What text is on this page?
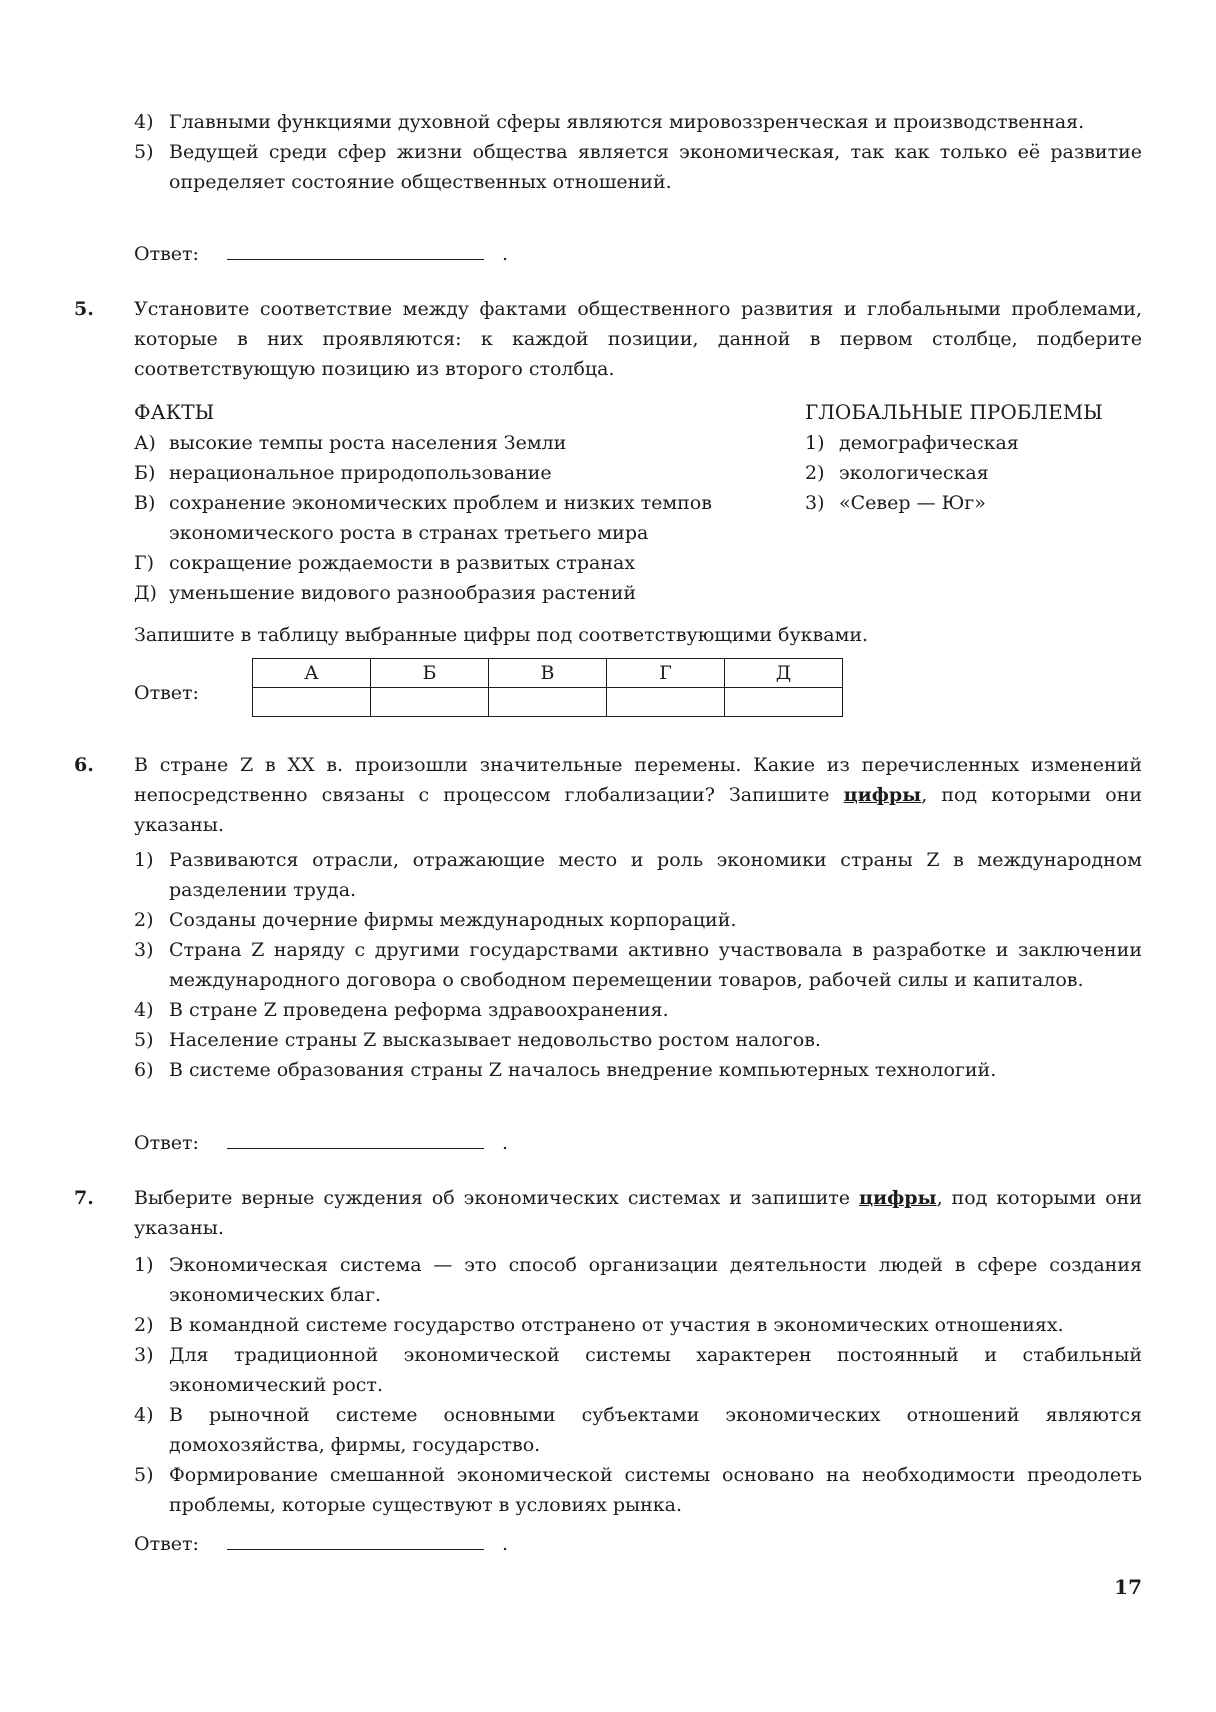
4) Главными функциями духовной сферы являются мировоззренческая и производственная.
5) Ведущей среди сфер жизни общества является экономическая, так как только её развитие определяет состояние общественных отношений.
Ответ:	.
5. Установите соответствие между фактами общественного развития и глобальными проблемами, которые в них проявляются: к каждой позиции, данной в первом столбце, подберите соответствующую позицию из второго столбца.
ФАКТЫ	ГЛОБАЛЬНЫЕ ПРОБЛЕМЫ
А) высокие темпы роста населения Земли
Б) нерациональное природопользование
В) сохранение экономических проблем и низких темпов экономического роста в странах третьего мира
Г) сокращение рождаемости в развитых странах
Д) уменьшение видового разнообразия растений
1) демографическая
2) экологическая
3) «Север — Юг»
Запишите в таблицу выбранные цифры под соответствующими буквами.
Ответ:
А	Б	В	Г	Д

6. В стране Z в XX в. произошли значительные перемены. Какие из перечисленных изменений непосредственно связаны с процессом глобализации? Запишите цифры, под которыми они указаны.
1) Развиваются отрасли, отражающие место и роль экономики страны Z в международном разделении труда.
2) Созданы дочерние фирмы международных корпораций.
3) Страна Z наряду с другими государствами активно участвовала в разработке и заключении международного договора о свободном перемещении товаров, рабочей силы и капиталов.
4) В стране Z проведена реформа здравоохранения.
5) Население страны Z высказывает недовольство ростом налогов.
6) В системе образования страны Z началось внедрение компьютерных технологий.
Ответ:	.
7. Выберите верные суждения об экономических системах и запишите цифры, под которыми они указаны.
1) Экономическая система — это способ организации деятельности людей в сфере создания экономических благ.
2) В командной системе государство отстранено от участия в экономических отношениях.
3) Для традиционной экономической системы характерен постоянный и стабильный экономический рост.
4) В рыночной системе основными субъектами экономических отношений являются домохозяйства, фирмы, государство.
5) Формирование смешанной экономической системы основано на необходимости преодолеть проблемы, которые существуют в условиях рынка.
Ответ:	.
17
